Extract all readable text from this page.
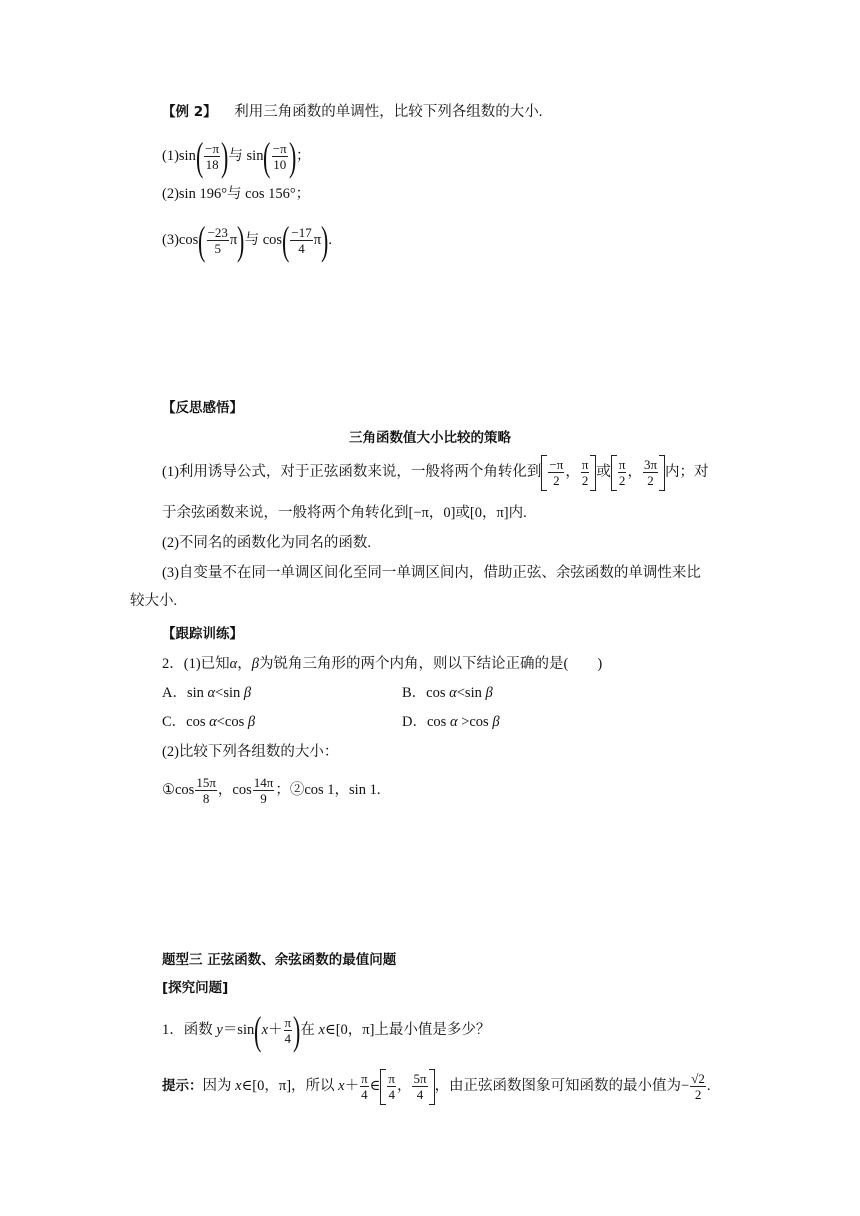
【例 2】 利用三角函数的单调性，比较下列各组数的大小.
$(1)\sin( \frac{-\pi}{18}$ )与 $\sin( \frac{-\pi}{10}$ )；
(2)sin 196°与 cos 156°；
$(3)\cos( \frac{-23}{5} \pi)$与 $\cos( \frac{-17}{4} \pi)$.
【反思感悟】
三角函数值大小比较的策略
(1)利用诱导公式，对于正弦函数来说，一般将两个角转化到 $\frac{-\pi}{2}$ ， $\frac{\pi}{2}$ 或 $\frac{\pi}{2}$ ， $\frac{3\pi}{2}$ 内；对
于余弦函数来说，一般将两个角转化到[−π，0]或[0，π]内.
(2)不同名的函数化为同名的函数.
(3)自变量不在同一单调区间化至同一单调区间内，借助正弦、余弦函数的单调性来比
较大小.
【跟踪训练】
2．(1)已知α，β为锐角三角形的两个内角，则以下结论正确的是(　　)
A．sin α<sin β	B．cos α<sin β
C．cos α<cos β	D．cos α >cos β
(2)比较下列各组数的大小：
①cos $\frac{15\pi}{8}$ ，$\cos \frac{14\pi}{9}$ ；②cos 1，sin 1.
题型三 正弦函数、余弦函数的最值问题
[探究问题]
1．函数 $y=\sin(x+ \frac{\pi}{4}$ )在 x∈[0，π]上最小值是多少？
提示：因为 x∈[0，π]，所以 $x+ \frac{\pi}{4}$ ∈ $\frac{\pi}{4}$ ， $\frac{5\pi}{4}$ ，由正弦函数图象可知函数的最小值为− $\frac{√2}{2}$ .
